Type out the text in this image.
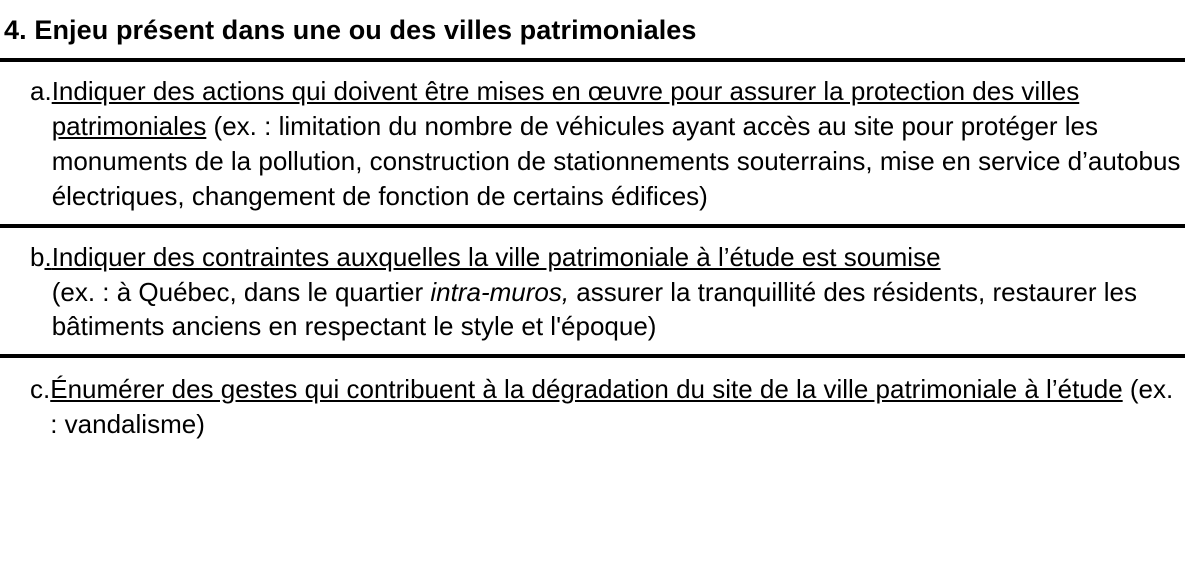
4. Enjeu présent dans une ou des villes patrimoniales
a. Indiquer des actions qui doivent être mises en œuvre pour assurer la protection des villes patrimoniales (ex. : limitation du nombre de véhicules ayant accès au site pour protéger les monuments de la pollution, construction de stationnements souterrains, mise en service d’autobus électriques, changement de fonction de certains édifices)
b. Indiquer des contraintes auxquelles la ville patrimoniale à l’étude est soumise
(ex. : à Québec, dans le quartier intra-muros, assurer la tranquillité des résidents, restaurer les bâtiments anciens en respectant le style et l'époque)
c. Énumérer des gestes qui contribuent à la dégradation du site de la ville patrimoniale à l’étude (ex. : vandalisme)
